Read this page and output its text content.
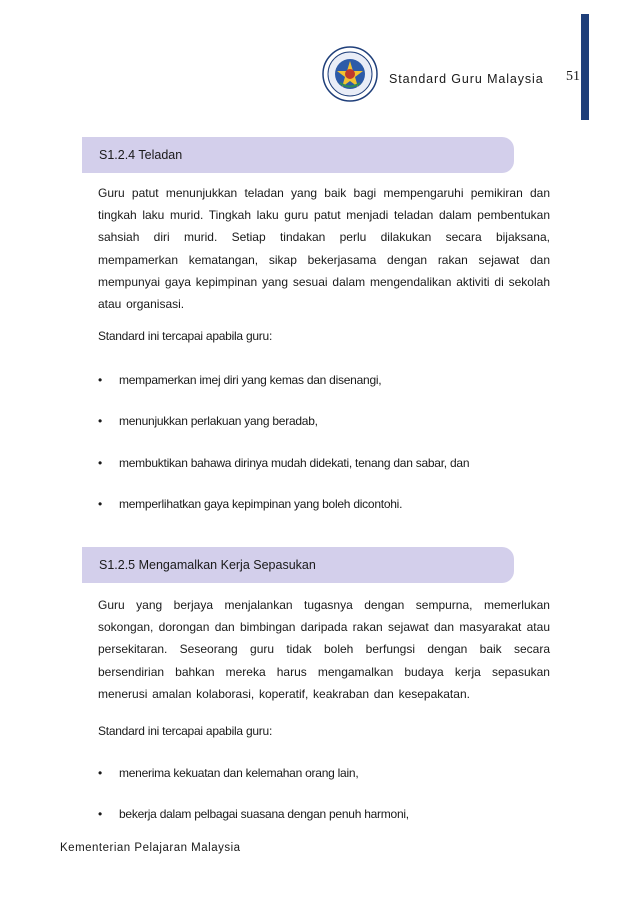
Standard Guru Malaysia 51
S1.2.4 Teladan

Guru patut menunjukkan teladan yang baik bagi mempengaruhi pemikiran dan tingkah laku murid. Tingkah laku guru patut menjadi teladan dalam pembentukan sahsiah diri murid. Setiap tindakan perlu dilakukan secara bijaksana, mempamerkan kematangan, sikap bekerjasama dengan rakan sejawat dan mempunyai gaya kepimpinan yang sesuai dalam mengendalikan aktiviti di sekolah atau organisasi.

Standard ini tercapai apabila guru:
• mempamerkan imej diri yang kemas dan disenangi,
• menunjukkan perlakuan yang beradab,
• membuktikan bahawa dirinya mudah didekati, tenang dan sabar, dan
• memperlihatkan gaya kepimpinan yang boleh dicontohi.
S1.2.5 Mengamalkan Kerja Sepasukan

Guru yang berjaya menjalankan tugasnya dengan sempurna, memerlukan sokongan, dorongan dan bimbingan daripada rakan sejawat dan masyarakat atau persekitaran. Seseorang guru tidak boleh berfungsi dengan baik secara bersendirian bahkan mereka harus mengamalkan budaya kerja sepasukan menerusi amalan kolaborasi, koperatif, keakraban dan kesepakatan.

Standard ini tercapai apabila guru:
• menerima kekuatan dan kelemahan orang lain,
• bekerja dalam pelbagai suasana dengan penuh harmoni,
Kementerian Pelajaran Malaysia
